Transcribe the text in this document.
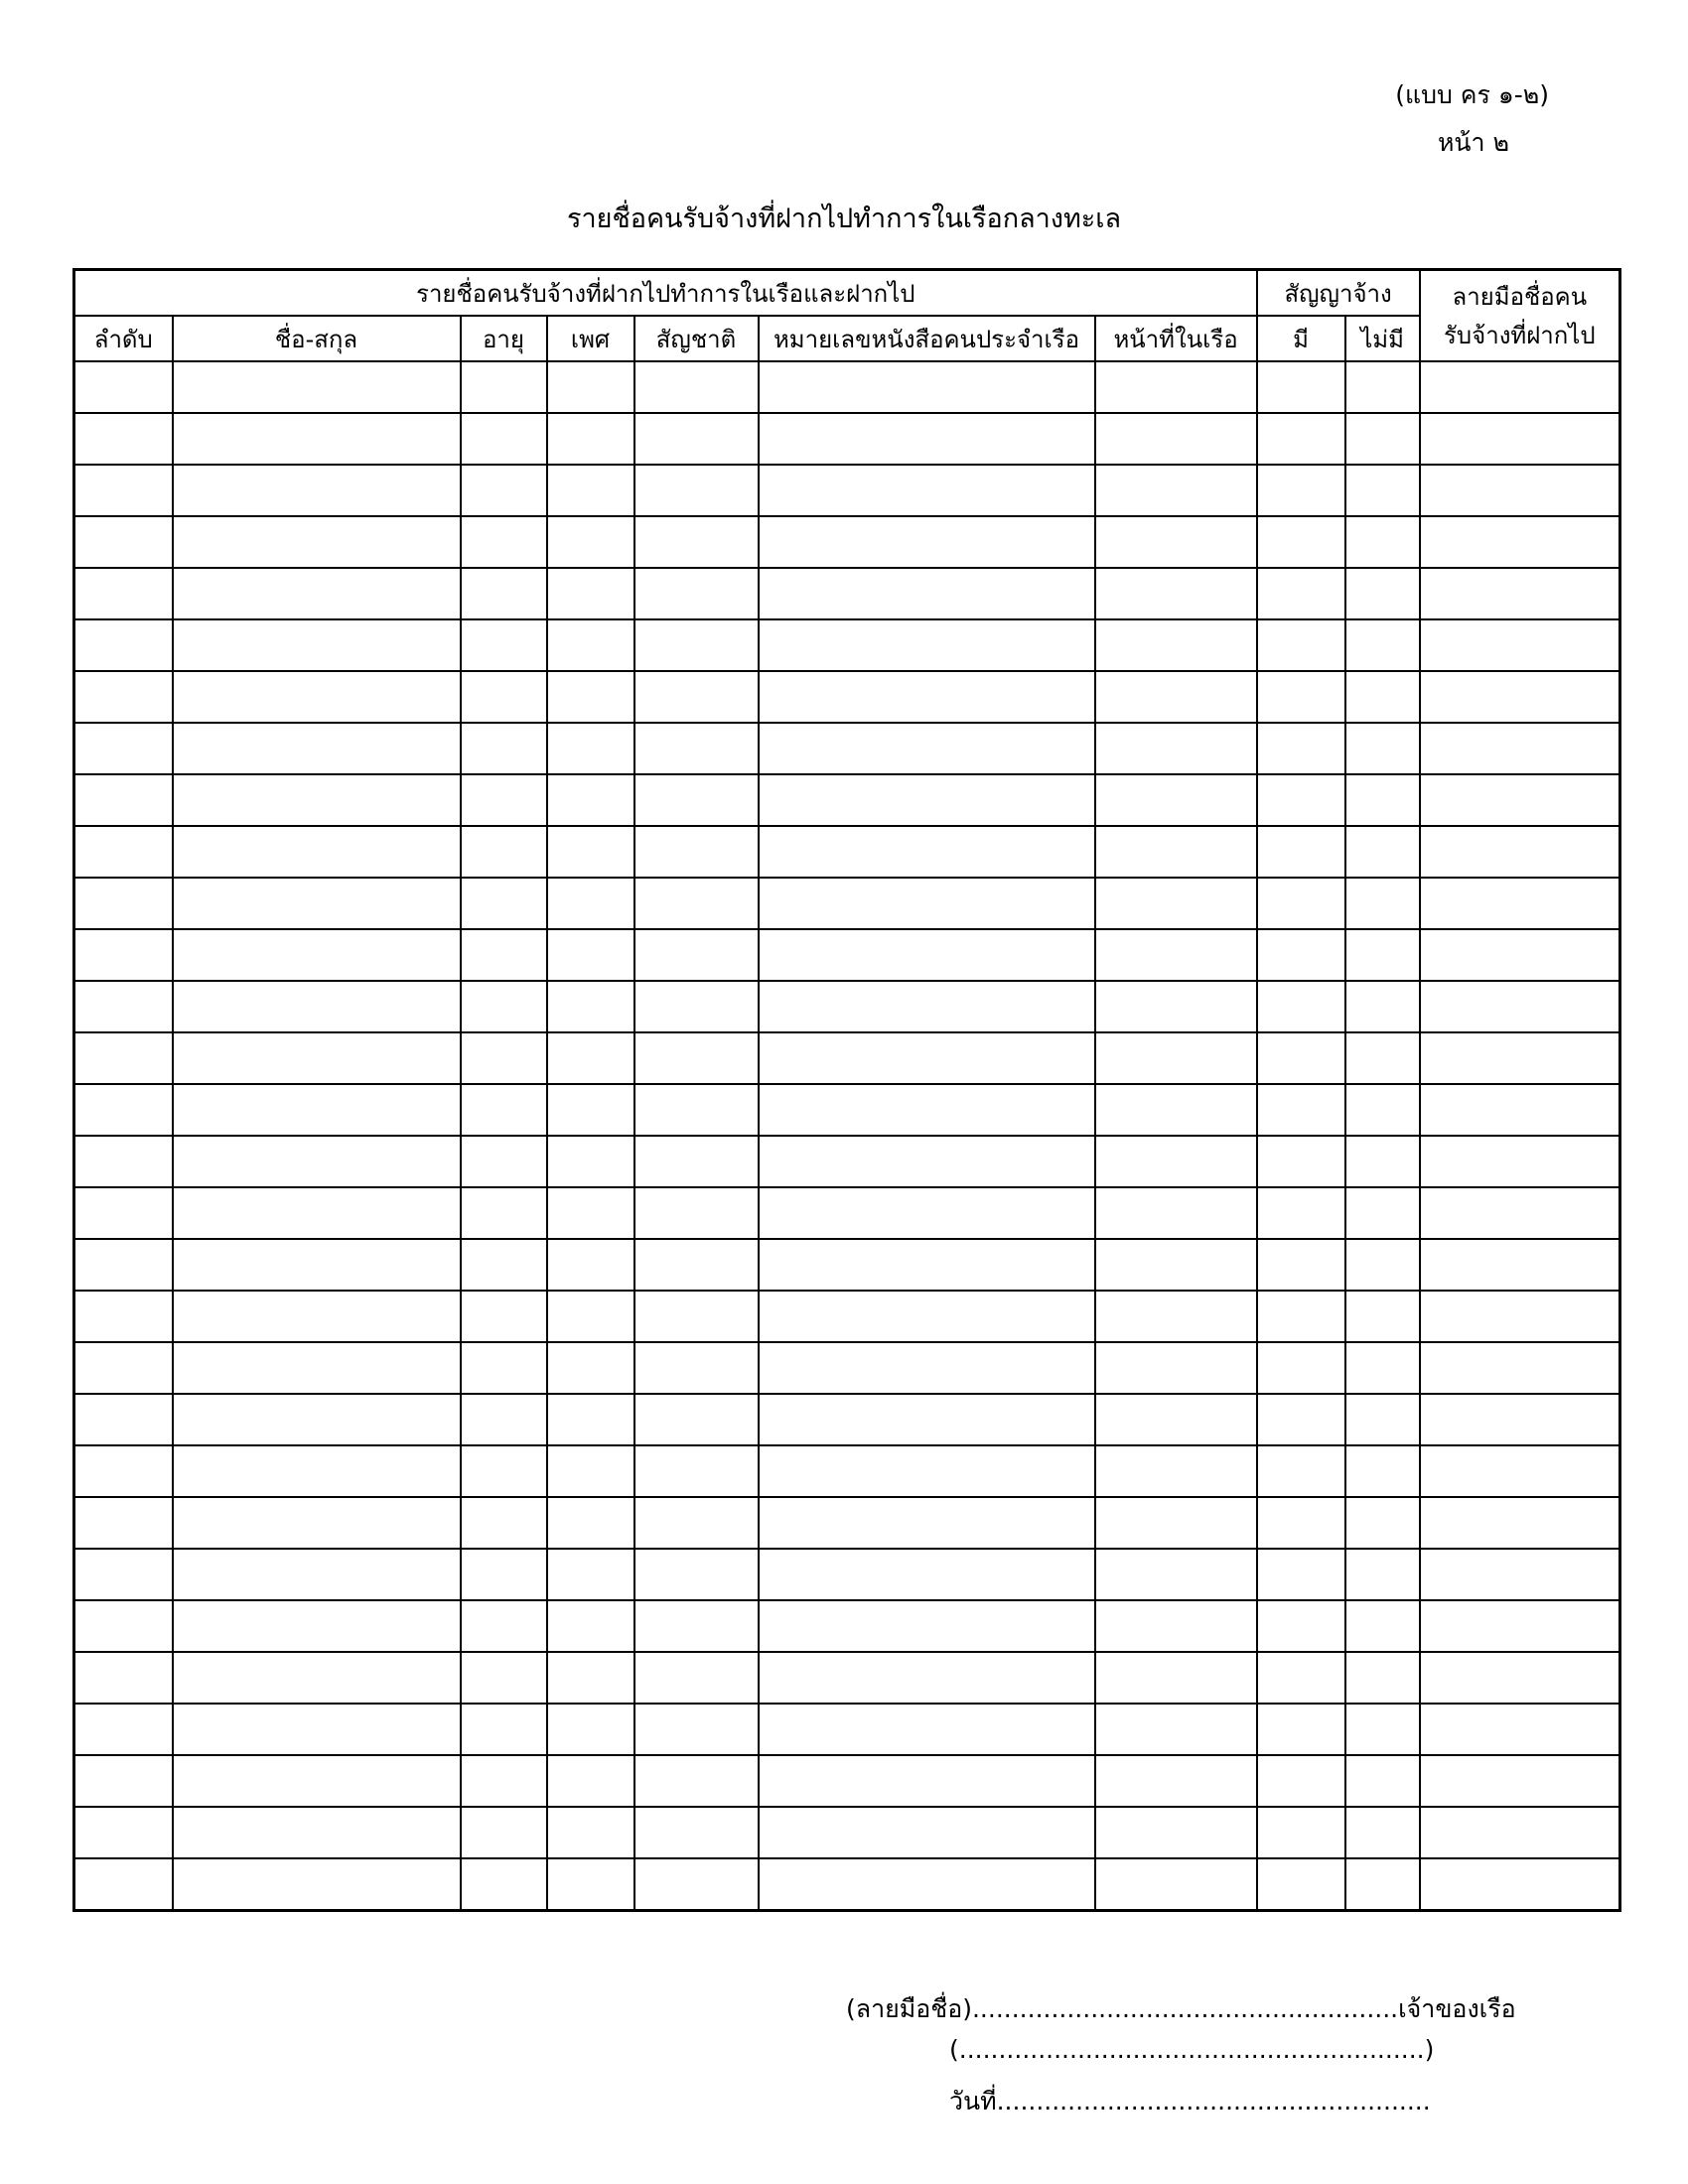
(แบบ คร ๑-๒)
หน้า ๒
รายชื่อคนรับจ้างที่ฝากไปทำการในเรือกลางทะเล
รายชื่อคนรับจ้างที่ฝากไปทำการในเรือและฝากไป							สัญญาจ้าง		ลายมือชื่อคน
รับจ้างที่ฝากไป

ลำดับ	ชื่อ-สกุล	อายุ	เพศ	สัญชาติ	หมายเลขหนังสือคนประจำเรือ	หน้าที่ในเรือ	มี	ไม่มี	

(ลายมือชื่อ)......................................................เจ้าของเรือ
(...........................................................)
วันที่.......................................................
